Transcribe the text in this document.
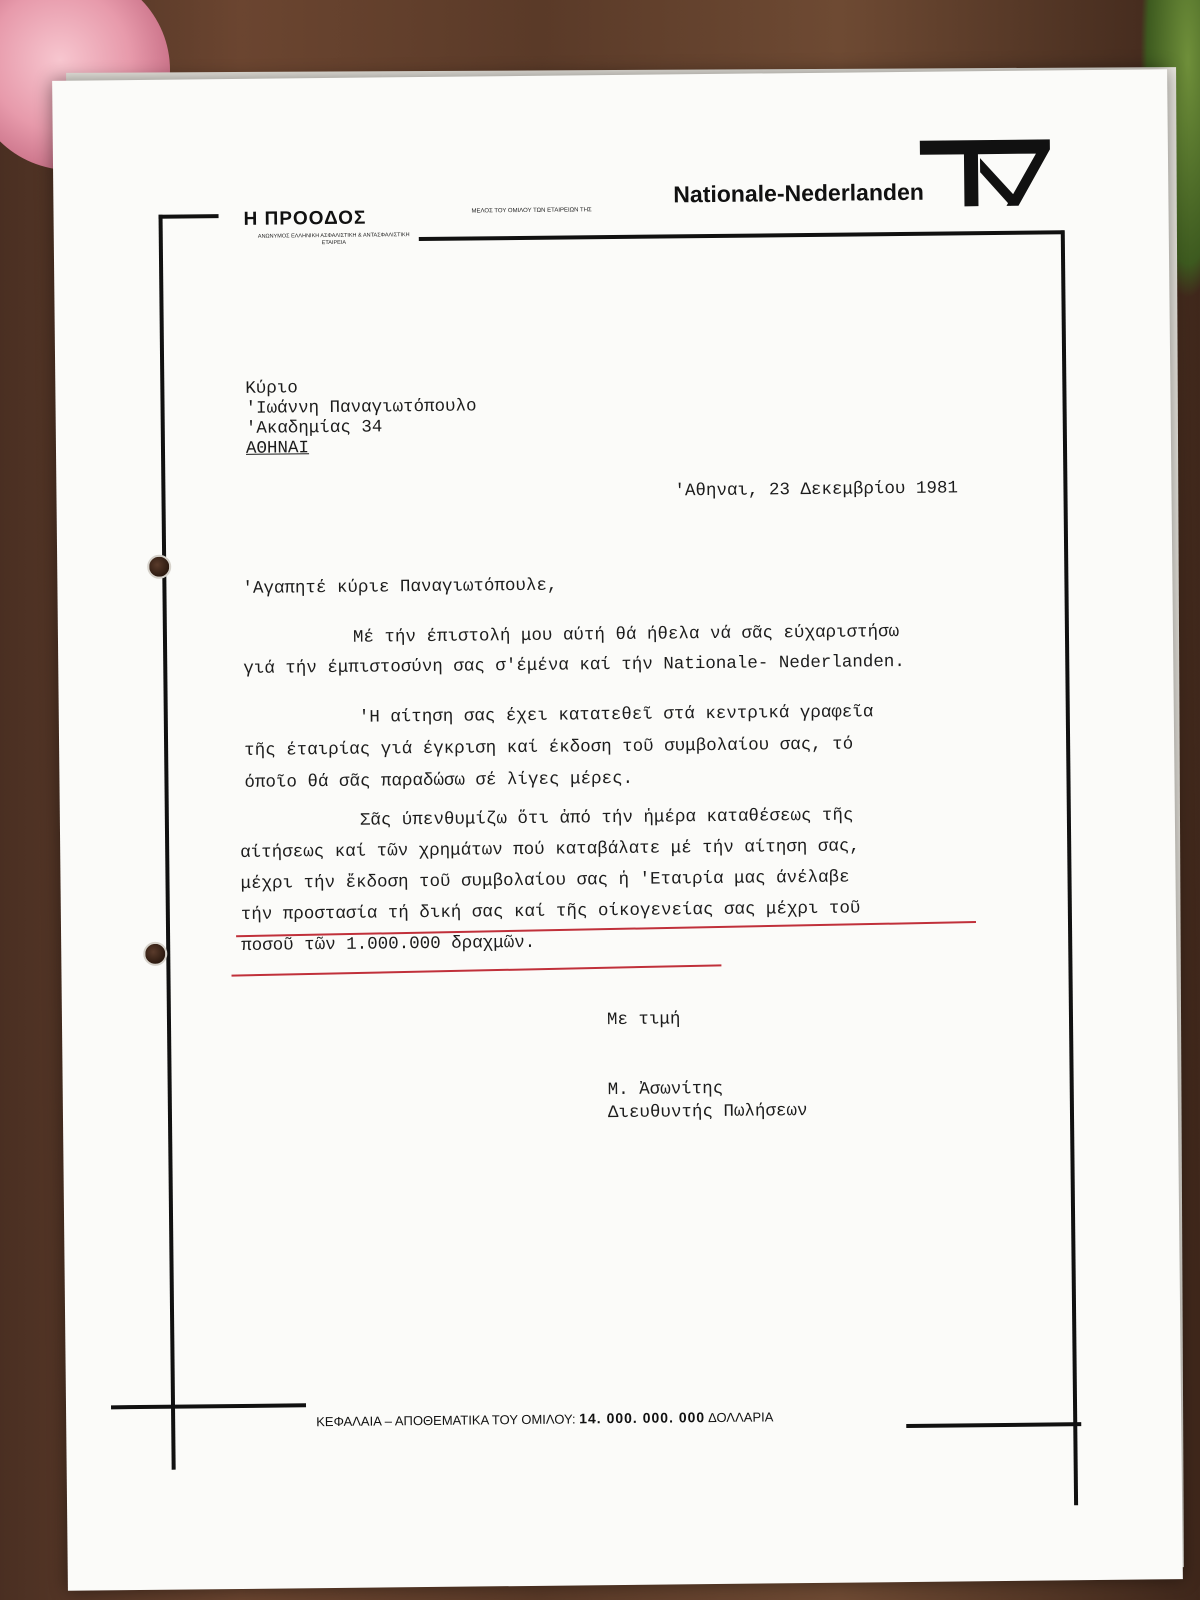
Η ΠΡΟΟΔΟΣ
ΑΝΩΝΥΜΟΣ ΕΛΛΗΝΙΚΗ ΑΣΦΑΛΙΣΤΙΚΗ & ΑΝΤΑΣΦΑΛΙΣΤΙΚΗ ΕΤΑΙΡΕΙΑ
ΜΕΛΟΣ ΤΟΥ ΟΜΙΛΟΥ ΤΩΝ ΕΤΑΙΡΕΙΩΝ ΤΗΣ
Nationale-Nederlanden
Κύριο
'Ιωάννη Παναγιωτόπουλο
'Ακαδημίας 34
ΑΘΗΝΑΙ
'Αθηναι, 23 Δεκεμβρίου 1981
'Αγαπητέ κύριε Παναγιωτόπουλε,
Μέ τήν έπιστολή μου αύτή θά ήθελα νά σᾶς εύχαριστήσω
γιά τήν έμπιστοσύνη σας σ'έμένα καί τήν Nationale- Nederlanden.
'Η αίτηση σας έχει κατατεθεῖ στά κεντρικά γραφεῖα
τῆς έταιρίας γιά έγκριση καί έκδοση τοῦ συμβολαίου σας, τό
όποῖο θά σᾶς παραδώσω σέ λίγες μέρες.
Σᾶς ύπενθυμίζω ὅτι ἀπό τήν ἡμέρα καταθέσεως τῆς
αίτήσεως καί τῶν χρημάτων πού καταβάλατε μέ τήν αίτηση σας,
μέχρι τήν ἔκδοση τοῦ συμβολαίου σας ἡ 'Εταιρία μας άνέλαβε
τήν προστασία τή δική σας καί τῆς οίκογενείας σας μέχρι τοῦ
ποσοῦ τῶν 1.000.000 δραχμῶν.
Με τιμή
Μ. Ἀσωνίτης
Διευθυντής Πωλήσεων
ΚΕΦΑΛΑΙΑ – ΑΠΟΘΕΜΑΤΙΚΑ ΤΟΥ ΟΜΙΛΟΥ: 14. 000. 000. 000 ΔΟΛΛΑΡΙΑ
